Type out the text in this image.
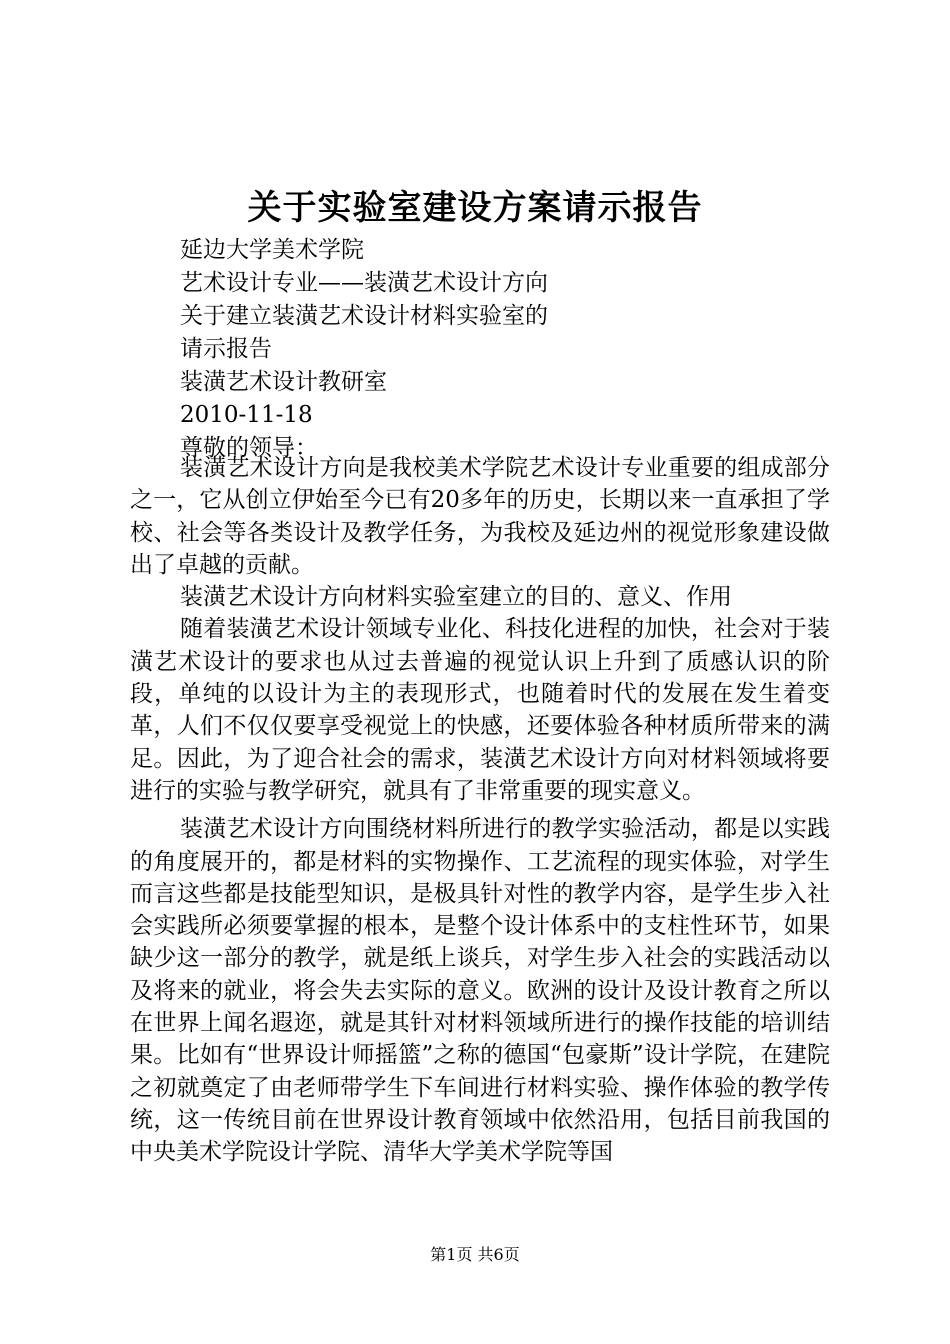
关于实验室建设方案请示报告
延边大学美术学院
艺术设计专业——装潢艺术设计方向
关于建立装潢艺术设计材料实验室的
请示报告
装潢艺术设计教研室
2010-11-18
尊敬的领导：

装潢艺术设计方向是我校美术学院艺术设计专业重要的组成部分之一，它从创立伊始至今已有20多年的历史，长期以来一直承担了学校、社会等各类设计及教学任务，为我校及延边州的视觉形象建设做出了卓越的贡献。

装潢艺术设计方向材料实验室建立的目的、意义、作用

随着装潢艺术设计领域专业化、科技化进程的加快，社会对于装潢艺术设计的要求也从过去普遍的视觉认识上升到了质感认识的阶段，单纯的以设计为主的表现形式，也随着时代的发展在发生着变革，人们不仅仅要享受视觉上的快感，还要体验各种材质所带来的满足。因此，为了迎合社会的需求，装潢艺术设计方向对材料领域将要进行的实验与教学研究，就具有了非常重要的现实意义。

装潢艺术设计方向围绕材料所进行的教学实验活动，都是以实践的角度展开的，都是材料的实物操作、工艺流程的现实体验，对学生而言这些都是技能型知识，是极具针对性的教学内容，是学生步入社会实践所必须要掌握的根本，是整个设计体系中的支柱性环节，如果缺少这一部分的教学，就是纸上谈兵，对学生步入社会的实践活动以及将来的就业，将会失去实际的意义。欧洲的设计及设计教育之所以在世界上闻名遐迩，就是其针对材料领域所进行的操作技能的培训结果。比如有“世界设计师摇篮”之称的德国“包豪斯”设计学院，在建院之初就奠定了由老师带学生下车间进行材料实验、操作体验的教学传统，这一传统目前在世界设计教育领域中依然沿用，包括目前我国的中央美术学院设计学院、清华大学美术学院等国

第1页 共6页
